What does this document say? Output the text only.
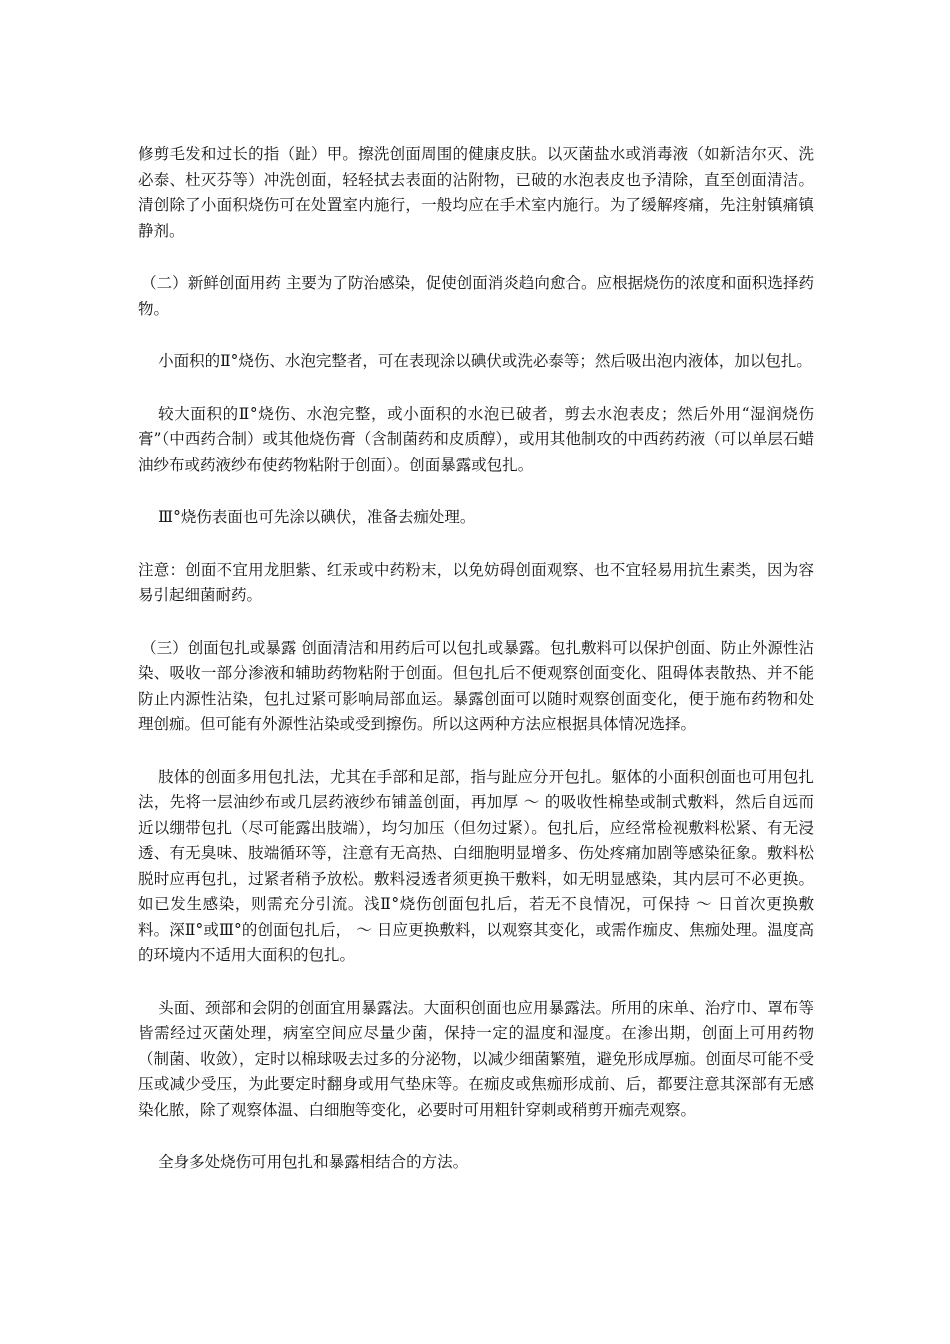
修剪毛发和过长的指（趾）甲。擦洗创面周围的健康皮肤。以灭菌盐水或消毒液（如新洁尔灭、洗必泰、杜灭芬等）冲洗创面，轻轻拭去表面的沾附物，已破的水泡表皮也予清除，直至创面清洁。清创除了小面积烧伤可在处置室内施行，一般均应在手术室内施行。为了缓解疼痛，先注射镇痛镇静剂。

（二）新鲜创面用药 主要为了防治感染，促使创面消炎趋向愈合。应根据烧伤的浓度和面积选择药物。

小面积的Ⅱ°烧伤、水泡完整者，可在表现涂以碘伏或洗必泰等；然后吸出泡内液体，加以包扎。

较大面积的Ⅱ°烧伤、水泡完整，或小面积的水泡已破者，剪去水泡表皮；然后外用“湿润烧伤膏”（中西药合制）或其他烧伤膏（含制菌药和皮质醇），或用其他制攻的中西药药液（可以单层石蜡油纱布或药液纱布使药物粘附于创面）。创面暴露或包扎。

Ⅲ°烧伤表面也可先涂以碘伏，准备去痂处理。

注意：创面不宜用龙胆紫、红汞或中药粉末，以免妨碍创面观察、也不宜轻易用抗生素类，因为容易引起细菌耐药。

（三）创面包扎或暴露 创面清洁和用药后可以包扎或暴露。包扎敷料可以保护创面、防止外源性沾染、吸收一部分渗液和辅助药物粘附于创面。但包扎后不便观察创面变化、阻碍体表散热、并不能防止内源性沾染，包扎过紧可影响局部血运。暴露创面可以随时观察创面变化，便于施布药物和处理创痂。但可能有外源性沾染或受到擦伤。所以这两种方法应根据具体情况选择。

肢体的创面多用包扎法，尤其在手部和足部，指与趾应分开包扎。躯体的小面积创面也可用包扎法，先将一层油纱布或几层药液纱布铺盖创面，再加厚 ～ 的吸收性棉垫或制式敷料，然后自远而近以绷带包扎（尽可能露出肢端），均匀加压（但勿过紧）。包扎后，应经常检视敷料松紧、有无浸透、有无臭味、肢端循环等，注意有无高热、白细胞明显增多、伤处疼痛加剧等感染征象。敷料松脱时应再包扎，过紧者稍予放松。敷料浸透者须更换干敷料，如无明显感染，其内层可不必更换。如已发生感染，则需充分引流。浅Ⅱ°烧伤创面包扎后，若无不良情况，可保持 ～ 日首次更换敷料。深Ⅱ°或Ⅲ°的创面包扎后， ～ 日应更换敷料，以观察其变化，或需作痂皮、焦痂处理。温度高的环境内不适用大面积的包扎。

头面、颈部和会阴的创面宜用暴露法。大面积创面也应用暴露法。所用的床单、治疗巾、罩布等皆需经过灭菌处理，病室空间应尽量少菌，保持一定的温度和湿度。在渗出期，创面上可用药物（制菌、收敛），定时以棉球吸去过多的分泌物，以减少细菌繁殖，避免形成厚痂。创面尽可能不受压或减少受压，为此要定时翻身或用气垫床等。在痂皮或焦痂形成前、后，都要注意其深部有无感染化脓，除了观察体温、白细胞等变化，必要时可用粗针穿刺或稍剪开痂壳观察。

全身多处烧伤可用包扎和暴露相结合的方法。
